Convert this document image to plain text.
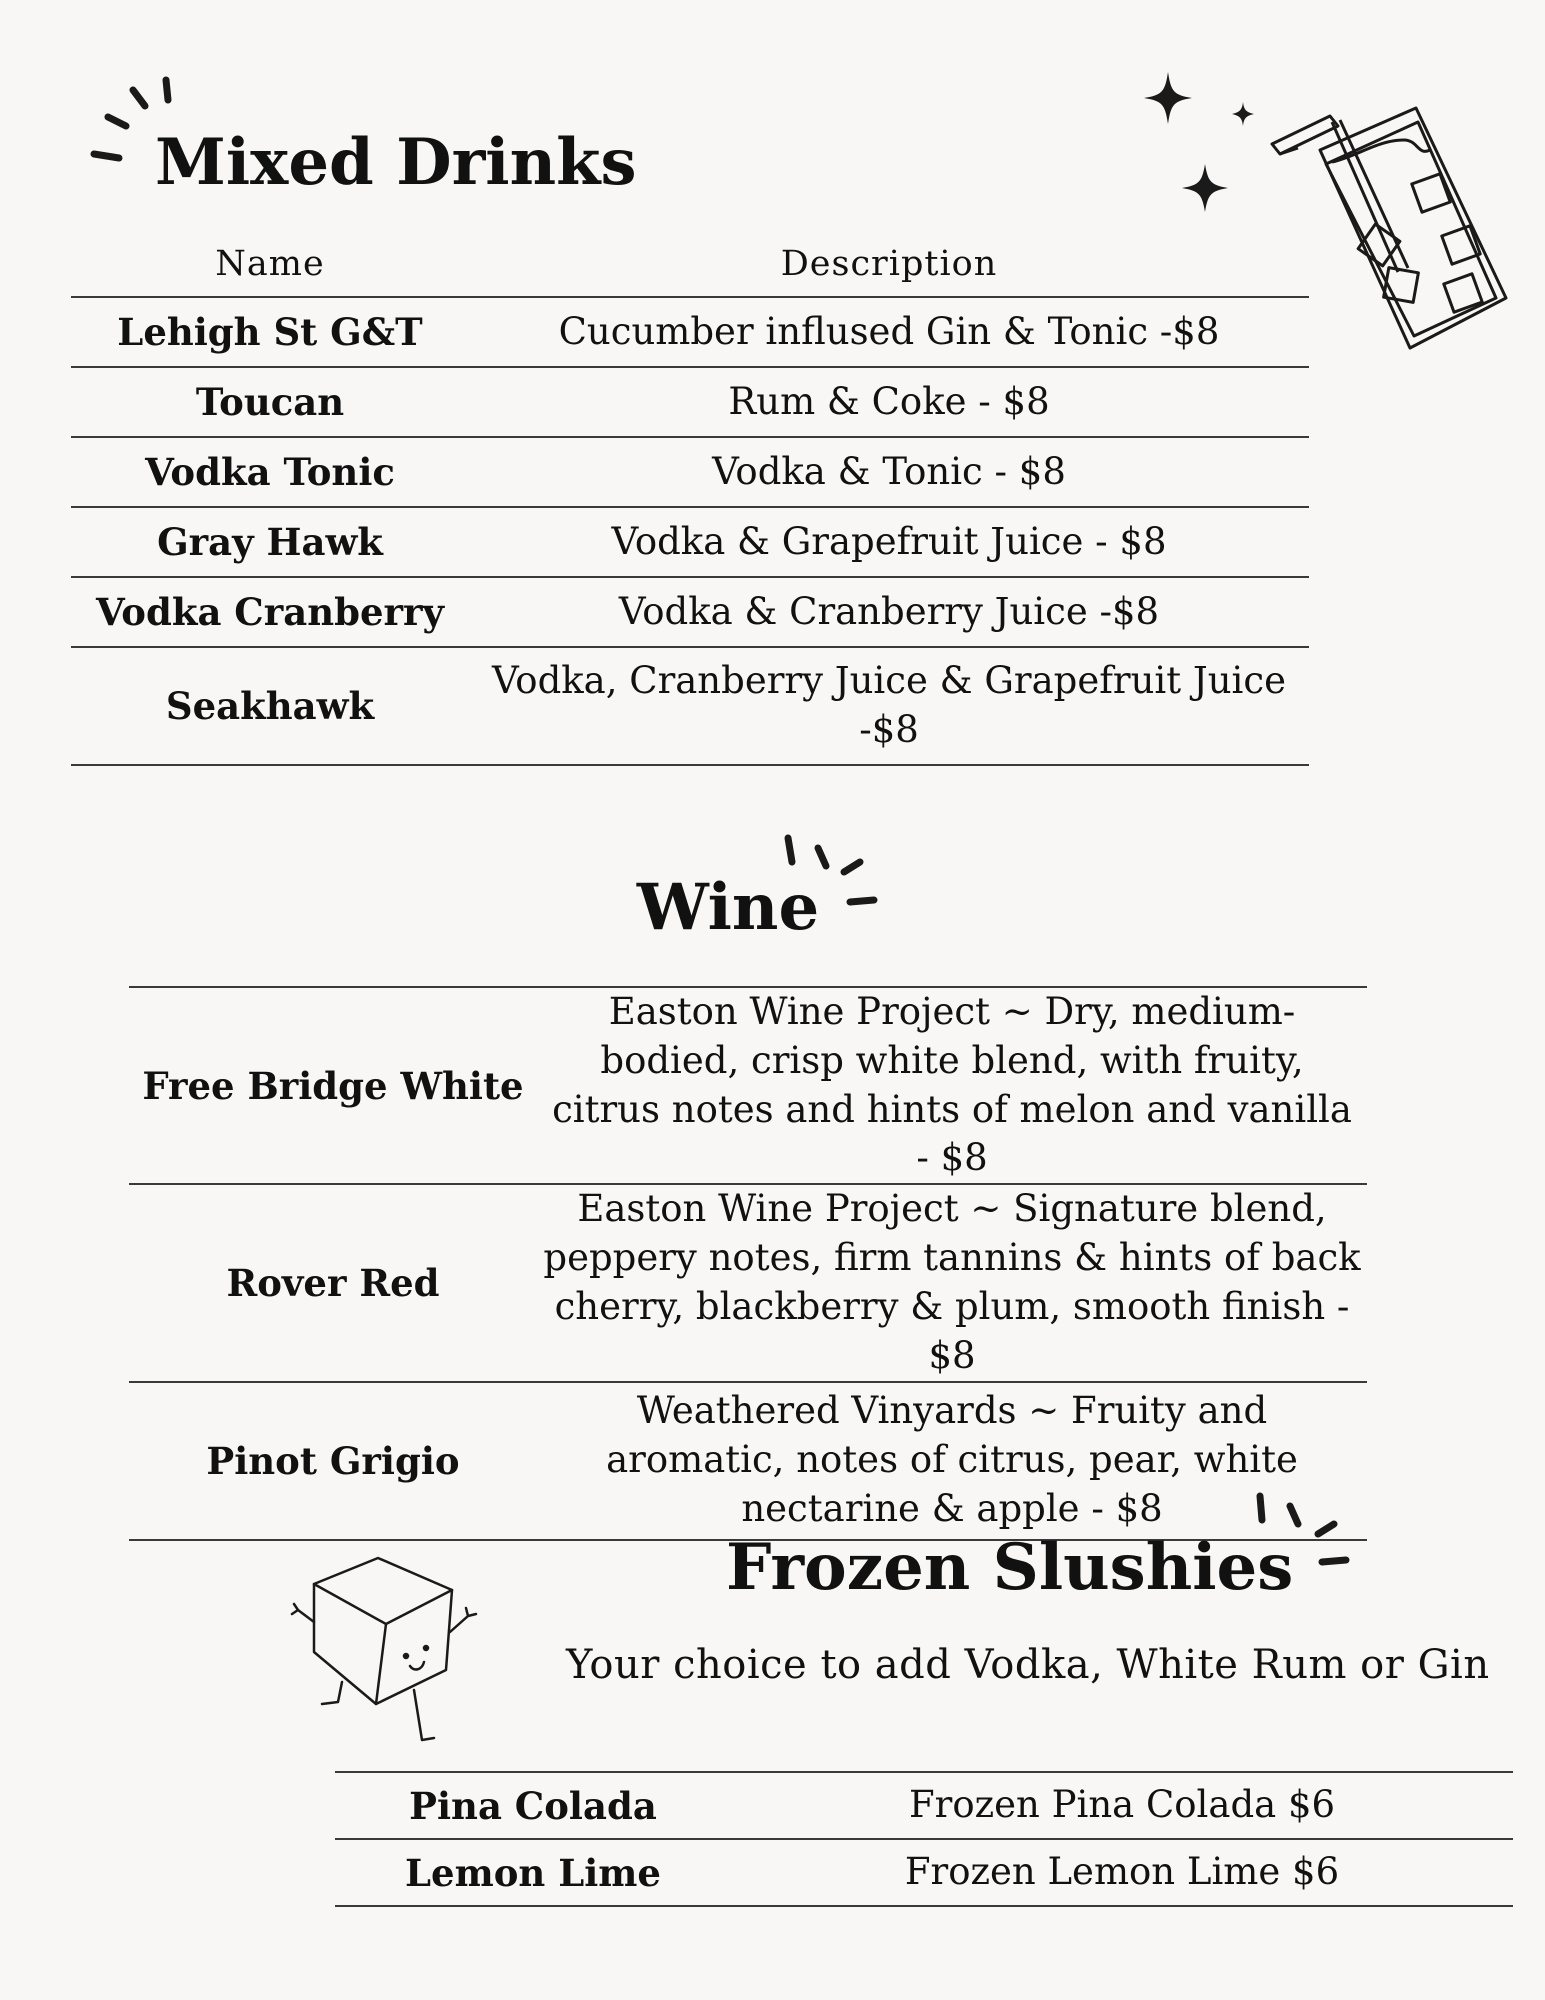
Mixed Drinks
Name	Description
Lehigh St G&T	Cucumber inflused Gin & Tonic -$8
Toucan	Rum & Coke - $8
Vodka Tonic	Vodka & Tonic - $8
Gray Hawk	Vodka & Grapefruit Juice - $8
Vodka Cranberry	Vodka & Cranberry Juice -$8
Seakhawk	Vodka, Cranberry Juice & Grapefruit Juice -$8
Wine
Free Bridge White	Easton Wine Project ~ Dry, medium-bodied, crisp white blend, with fruity, citrus notes and hints of melon and vanilla - $8
Rover Red	Easton Wine Project ~ Signature blend, peppery notes, firm tannins & hints of back cherry, blackberry & plum, smooth finish - $8
Pinot Grigio	Weathered Vinyards ~ Fruity and aromatic, notes of citrus, pear, white nectarine & apple - $8
Frozen Slushies
Your choice to add Vodka, White Rum or Gin
Pina Colada	Frozen Pina Colada $6
Lemon Lime	Frozen Lemon Lime $6
